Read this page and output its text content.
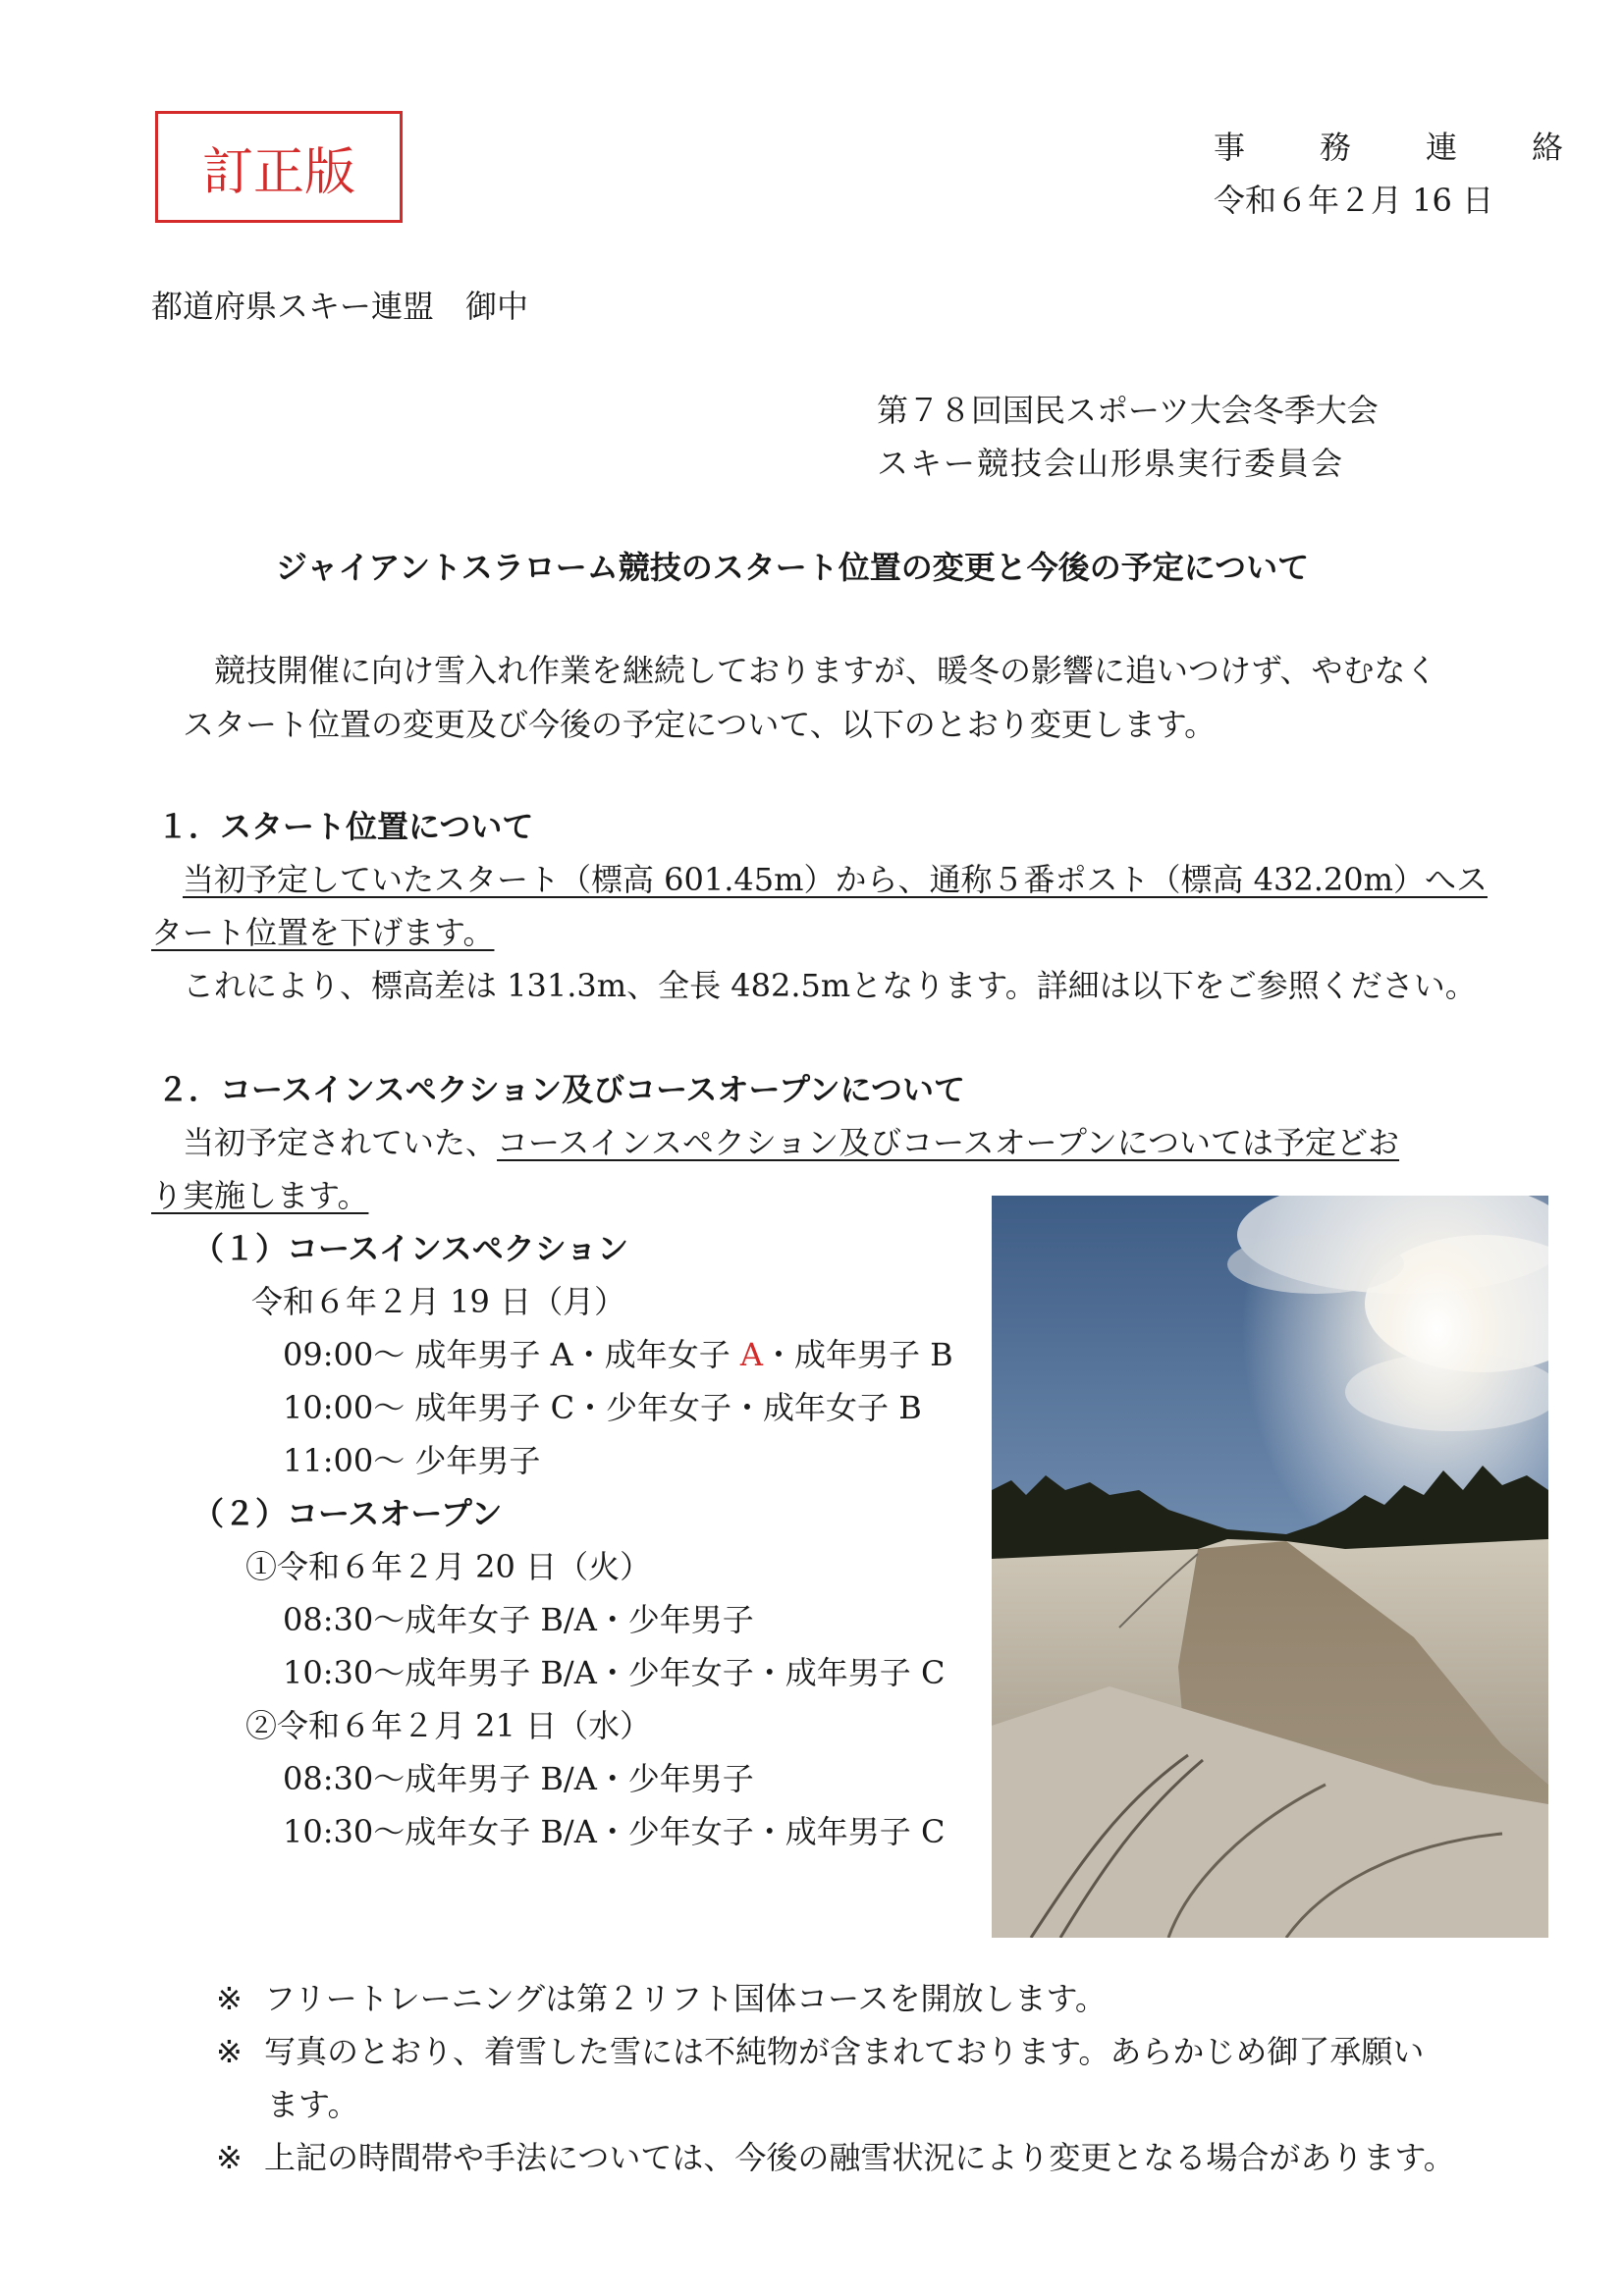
訂正版	事　務　連　絡
令和６年２月 16 日
都道府県スキー連盟　御中
第７８回国民スポーツ大会冬季大会
スキー競技会山形県実行委員会
ジャイアントスラローム競技のスタート位置の変更と今後の予定について
競技開催に向け雪入れ作業を継続しておりますが、暖冬の影響に追いつけず、やむなく
スタート位置の変更及び今後の予定について、以下のとおり変更します。
１．スタート位置について
当初予定していたスタート（標高 601.45m）から、通称５番ポスト（標高 432.20m）へス
タート位置を下げます。
これにより、標高差は 131.3m、全長 482.5mとなります。詳細は以下をご参照ください。
２．コースインスペクション及びコースオープンについて
当初予定されていた、コースインスペクション及びコースオープンについては予定どお
り実施します。
（１）コースインスペクション
令和６年２月 19 日（月）
09:00〜 成年男子 A・成年女子 A・成年男子 B
10:00〜 成年男子 C・少年女子・成年女子 B
11:00〜 少年男子
（２）コースオープン
①令和６年２月 20 日（火）
08:30〜成年女子 B/A・少年男子
10:30〜成年男子 B/A・少年女子・成年男子 C
②令和６年２月 21 日（水）
08:30〜成年男子 B/A・少年男子
10:30〜成年女子 B/A・少年女子・成年男子 C
※ フリートレーニングは第２リフト国体コースを開放します。
※ 写真のとおり、着雪した雪には不純物が含まれております。あらかじめ御了承願い
ます。
※ 上記の時間帯や手法については、今後の融雪状況により変更となる場合があります。
